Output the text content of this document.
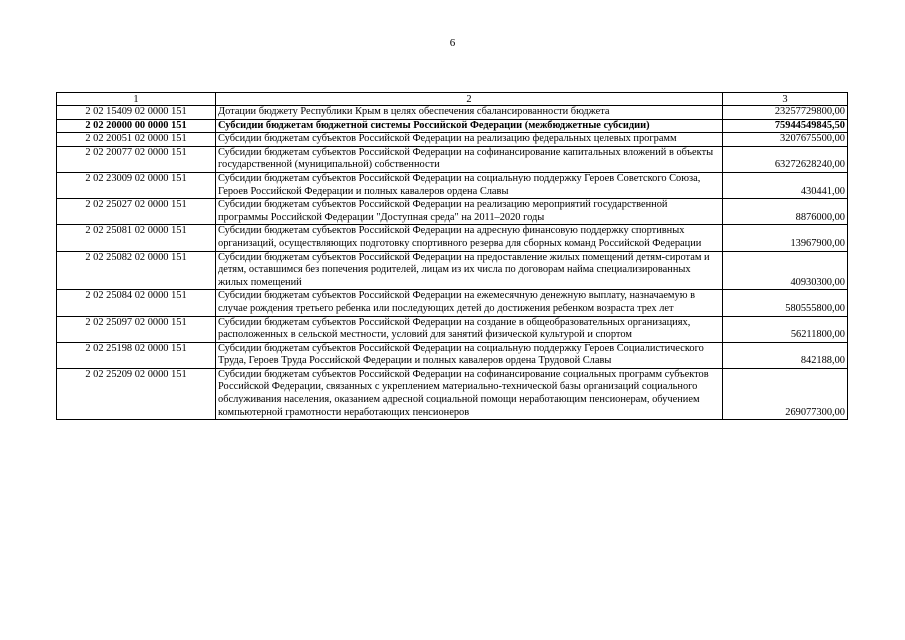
6
1	2	3
2 02 15409 02 0000 151	Дотации бюджету Республики Крым в целях обеспечения сбалансированности бюджета	23257729800,00
2 02 20000 00 0000 151	Субсидии бюджетам бюджетной системы Российской Федерации (межбюджетные субсидии)	75944549845,50
2 02 20051 02 0000 151	Субсидии бюджетам субъектов Российской Федерации на реализацию федеральных целевых программ	3207675500,00
2 02 20077 02 0000 151	Субсидии бюджетам субъектов Российской Федерации на софинансирование капитальных вложений в объекты государственной (муниципальной) собственности	63272628240,00
2 02 23009 02 0000 151	Субсидии бюджетам субъектов Российской Федерации на социальную поддержку Героев Советского Союза, Героев Российской Федерации и полных кавалеров ордена Славы	430441,00
2 02 25027 02 0000 151	Субсидии бюджетам субъектов Российской Федерации на реализацию мероприятий государственной программы Российской Федерации "Доступная среда" на 2011–2020 годы	8876000,00
2 02 25081 02 0000 151	Субсидии бюджетам субъектов Российской Федерации на адресную финансовую поддержку спортивных организаций, осуществляющих подготовку спортивного резерва для сборных команд Российской Федерации	13967900,00
2 02 25082 02 0000 151	Субсидии бюджетам субъектов Российской Федерации на предоставление жилых помещений детям-сиротам и детям, оставшимся без попечения родителей, лицам из их числа по договорам найма специализированных жилых помещений	40930300,00
2 02 25084 02 0000 151	Субсидии бюджетам субъектов Российской Федерации на ежемесячную денежную выплату, назначаемую в случае рождения третьего ребенка или последующих детей до достижения ребенком возраста трех лет	580555800,00
2 02 25097 02 0000 151	Субсидии бюджетам субъектов Российской Федерации на создание в общеобразовательных организациях, расположенных в сельской местности, условий для занятий физической культурой и спортом	56211800,00
2 02 25198 02 0000 151	Субсидии бюджетам субъектов Российской Федерации на социальную поддержку Героев Социалистического Труда, Героев Труда Российской Федерации и полных кавалеров ордена Трудовой Славы	842188,00
2 02 25209 02 0000 151	Субсидии бюджетам субъектов Российской Федерации на софинансирование социальных программ субъектов Российской Федерации, связанных с укреплением материально-технической базы организаций социального обслуживания населения, оказанием адресной социальной помощи неработающим пенсионерам, обучением компьютерной грамотности неработающих пенсионеров	269077300,00
